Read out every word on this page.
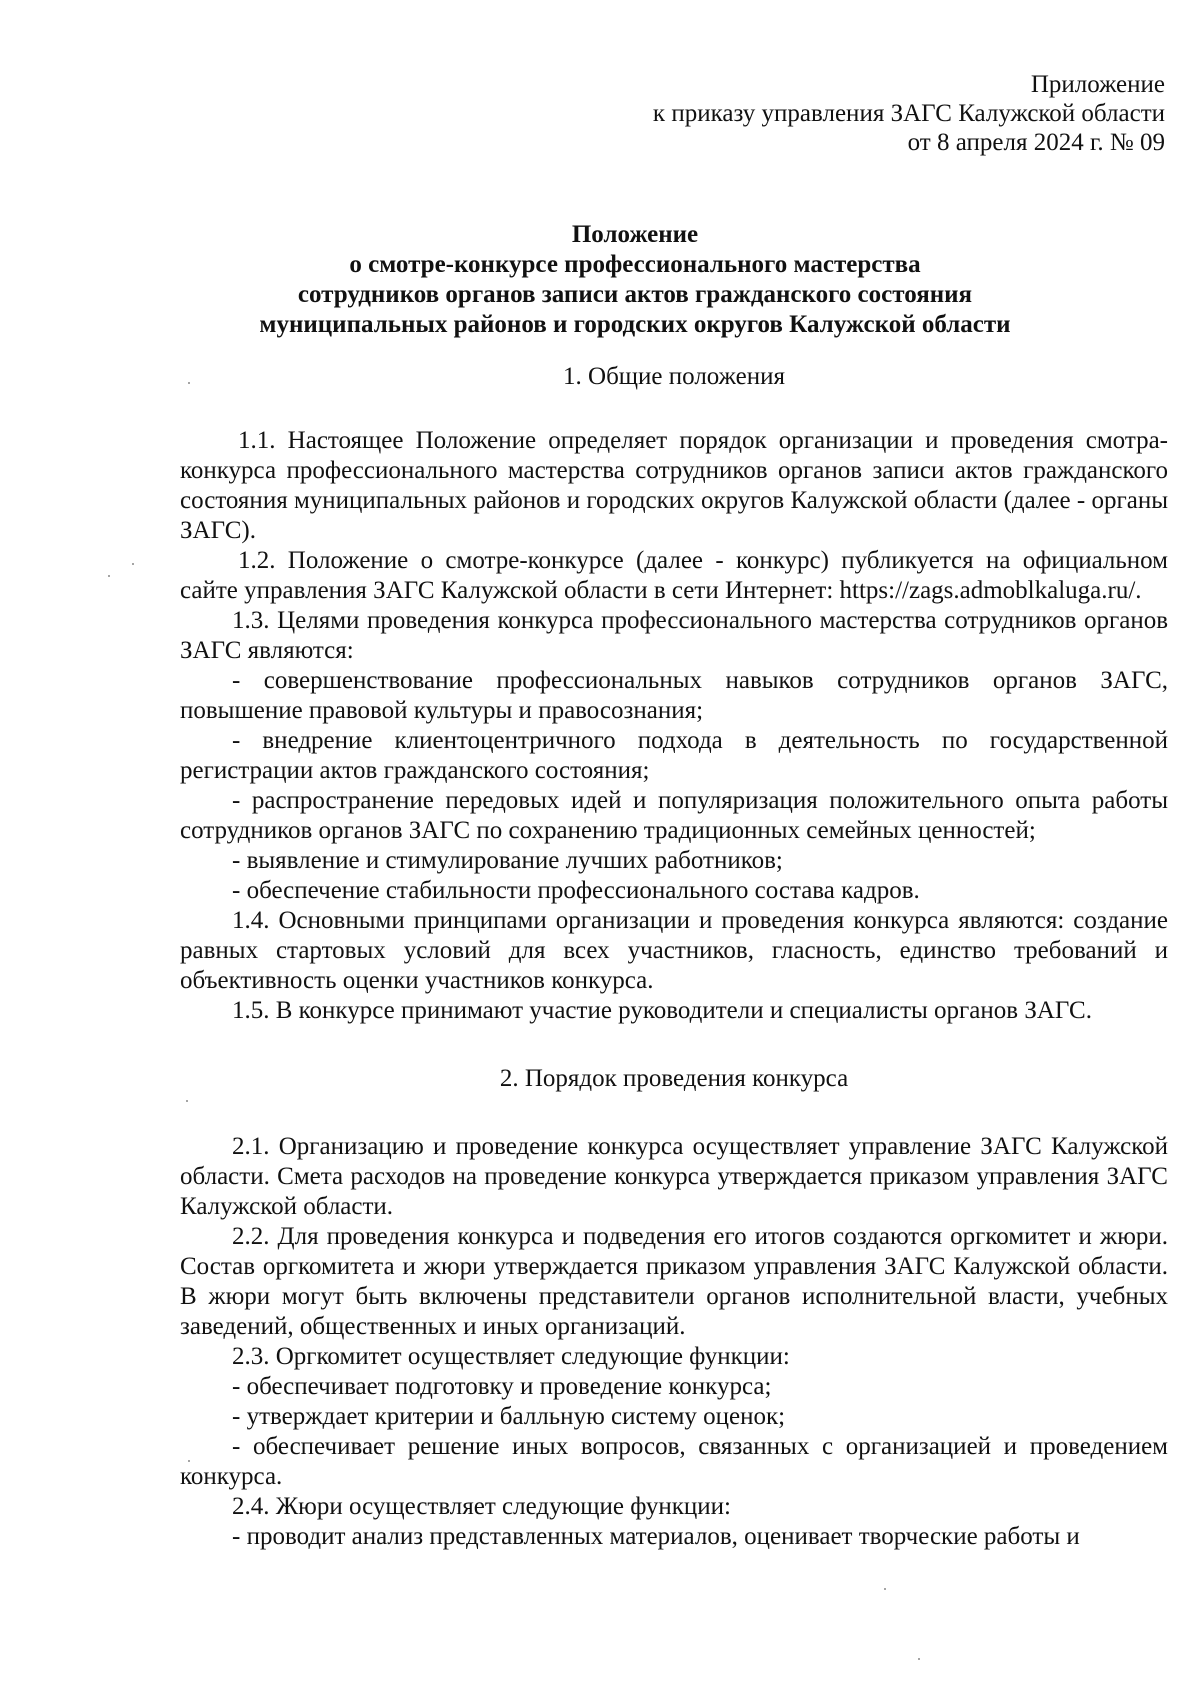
Приложение
к приказу управления ЗАГС Калужской области
от 8 апреля 2024 г. № 09
Положение
о смотре-конкурсе профессионального мастерства
сотрудников органов записи актов гражданского состояния
муниципальных районов и городских округов Калужской области

1. Общие положения

1.1. Настоящее Положение определяет порядок организации и проведения смотра-конкурса профессионального мастерства сотрудников органов записи актов гражданского состояния муниципальных районов и городских округов Калужской области (далее - органы ЗАГС).

1.2. Положение о смотре-конкурсе (далее - конкурс) публикуется на официальном сайте управления ЗАГС Калужской области в сети Интернет: https://zags.admoblkaluga.ru/.

1.3. Целями проведения конкурса профессионального мастерства сотрудников органов ЗАГС являются:

- совершенствование профессиональных навыков сотрудников органов ЗАГС, повышение правовой культуры и правосознания;

- внедрение клиентоцентричного подхода в деятельность по государственной регистрации актов гражданского состояния;

- распространение передовых идей и популяризация положительного опыта работы сотрудников органов ЗАГС по сохранению традиционных семейных ценностей;

- выявление и стимулирование лучших работников;

- обеспечение стабильности профессионального состава кадров.

1.4. Основными принципами организации и проведения конкурса являются: создание равных стартовых условий для всех участников, гласность, единство требований и объективность оценки участников конкурса.

1.5. В конкурсе принимают участие руководители и специалисты органов ЗАГС.

2. Порядок проведения конкурса

2.1. Организацию и проведение конкурса осуществляет управление ЗАГС Калужской области. Смета расходов на проведение конкурса утверждается приказом управления ЗАГС Калужской области.

2.2. Для проведения конкурса и подведения его итогов создаются оргкомитет и жюри. Состав оргкомитета и жюри утверждается приказом управления ЗАГС Калужской области. В жюри могут быть включены представители органов исполнительной власти, учебных заведений, общественных и иных организаций.

2.3. Оргкомитет осуществляет следующие функции:

- обеспечивает подготовку и проведение конкурса;

- утверждает критерии и балльную систему оценок;

- обеспечивает решение иных вопросов, связанных с организацией и проведением конкурса.

2.4. Жюри осуществляет следующие функции:

- проводит анализ представленных материалов, оценивает творческие работы и
